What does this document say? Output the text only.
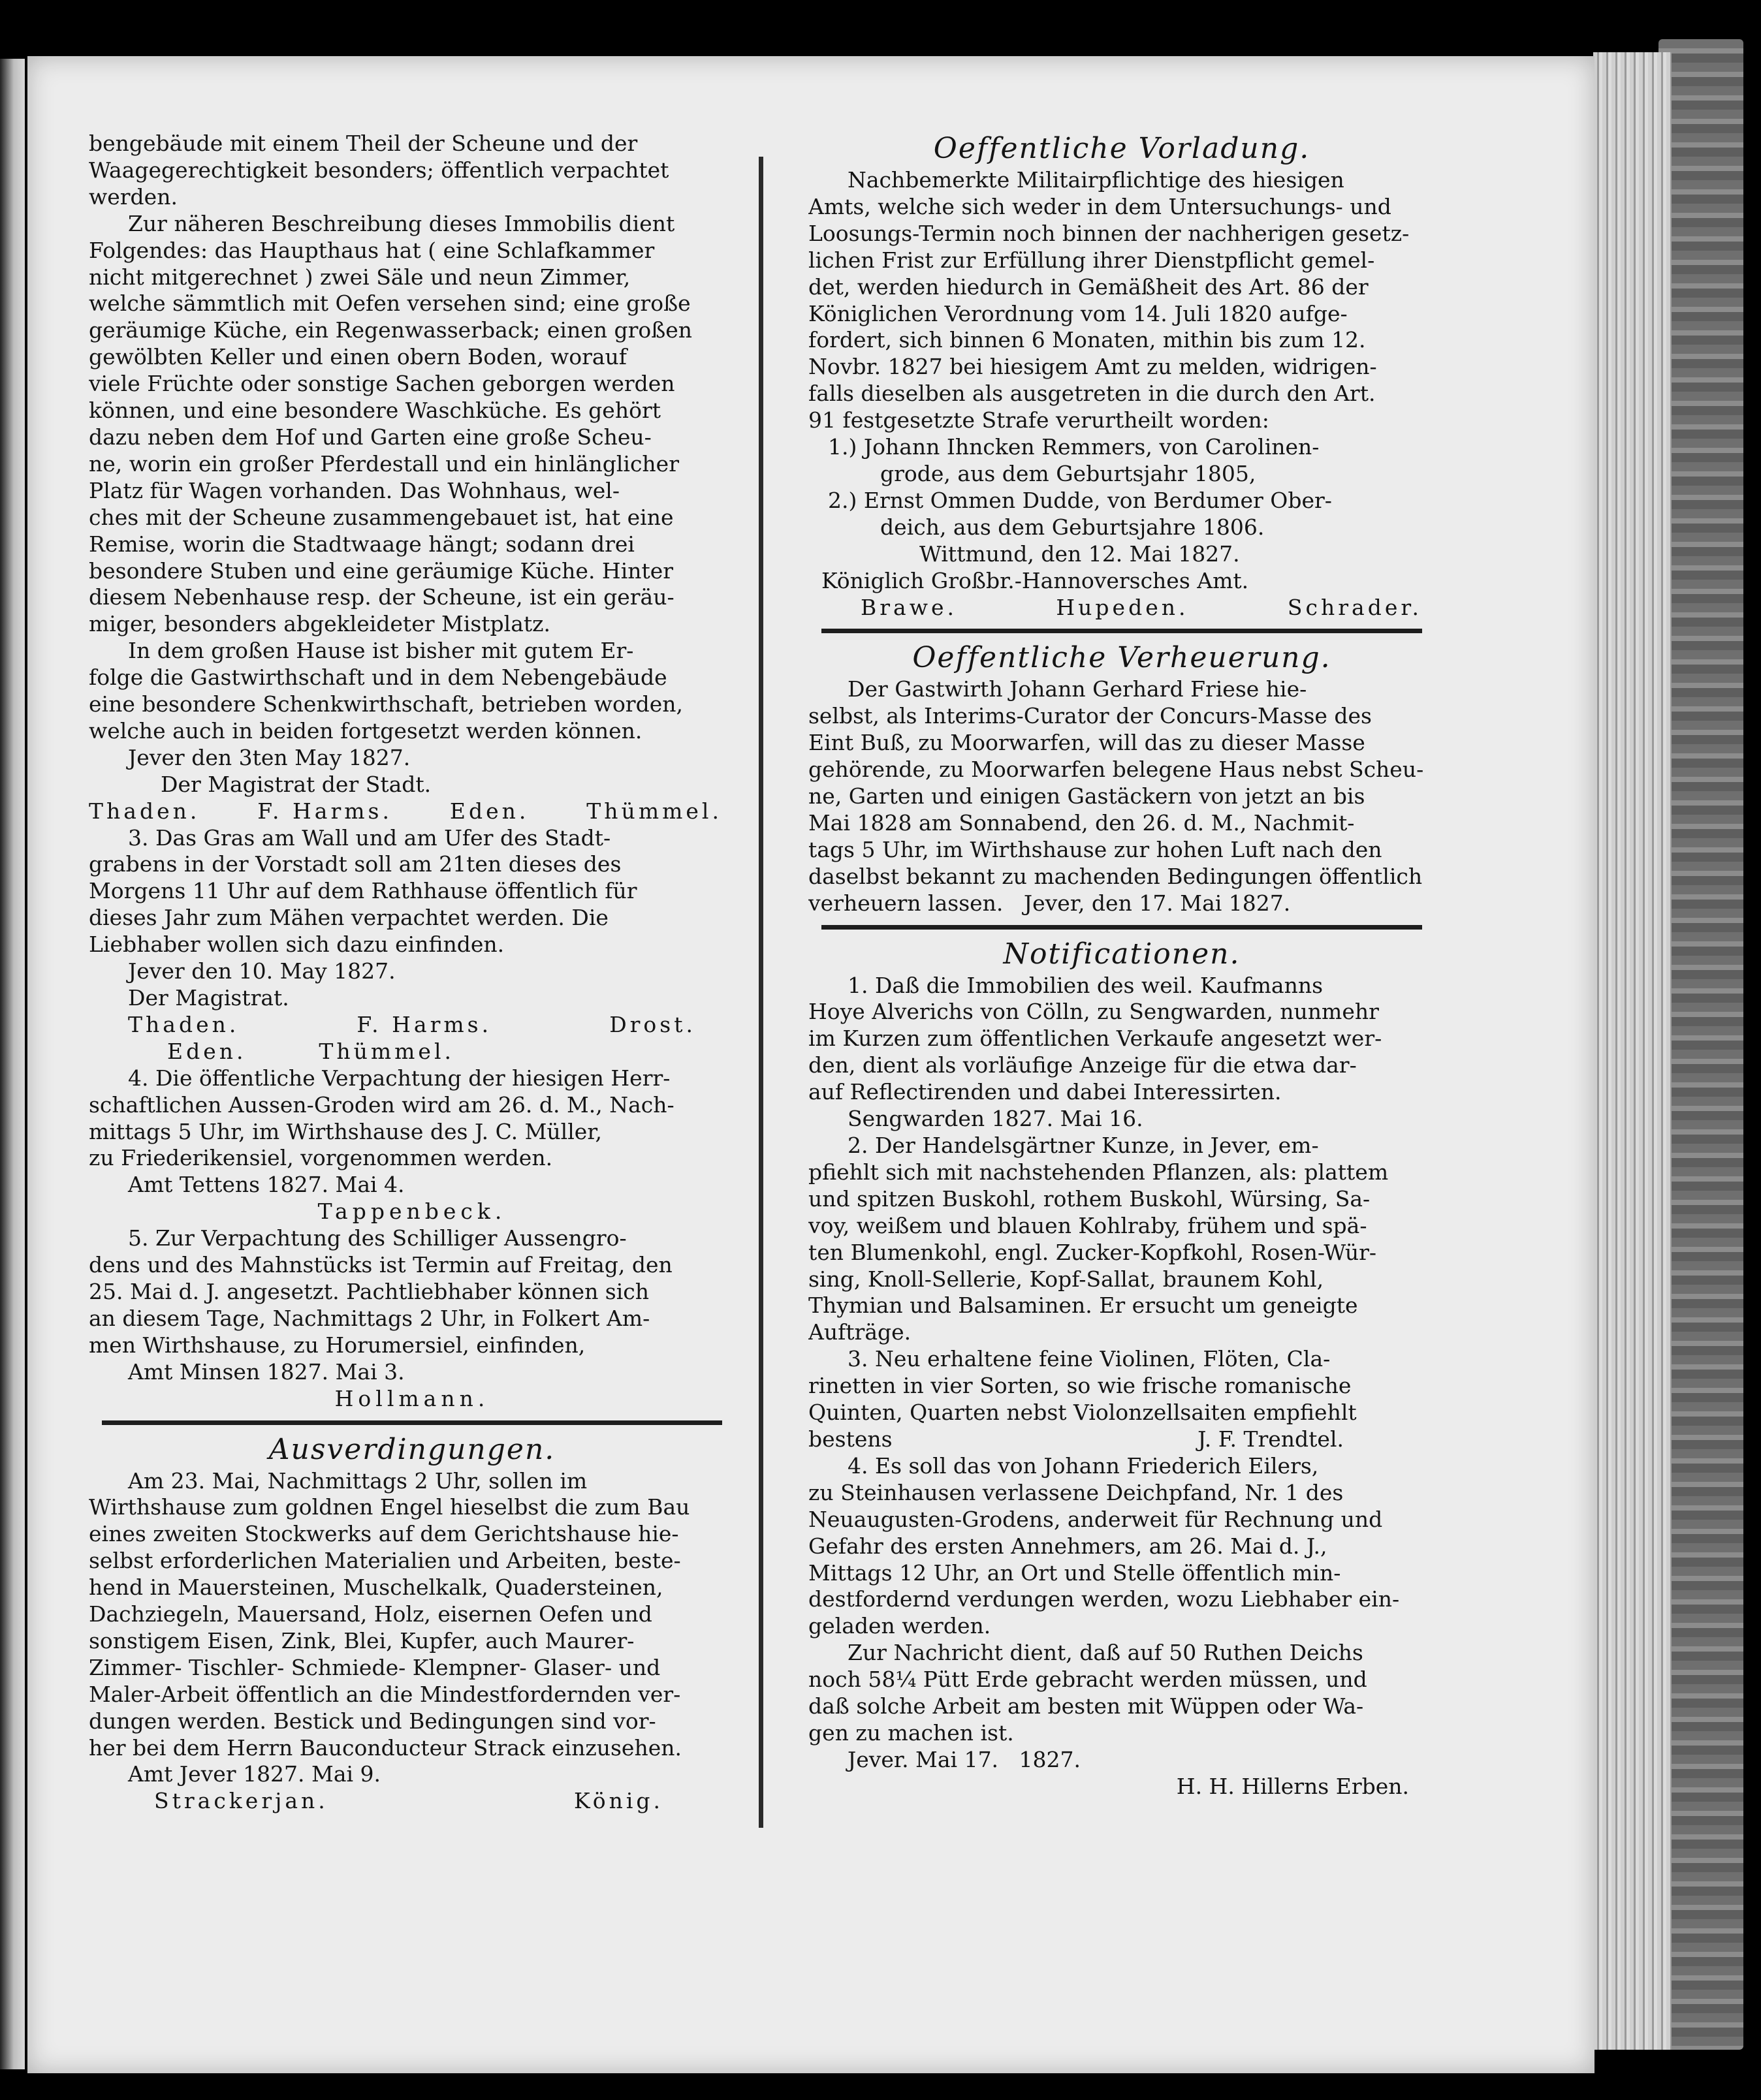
bengebäude mit einem Theil der Scheune und der
Waagegerechtigkeit besonders; öffentlich verpachtet
werden.
Zur näheren Beschreibung dieses Immobilis dient
Folgendes: das Haupthaus hat ( eine Schlafkammer
nicht mitgerechnet ) zwei Säle und neun Zimmer,
welche sämmtlich mit Oefen versehen sind; eine große
geräumige Küche, ein Regenwasserback; einen großen
gewölbten Keller und einen obern Boden, worauf
viele Früchte oder sonstige Sachen geborgen werden
können, und eine besondere Waschküche. Es gehört
dazu neben dem Hof und Garten eine große Scheu-
ne, worin ein großer Pferdestall und ein hinlänglicher
Platz für Wagen vorhanden. Das Wohnhaus, wel-
ches mit der Scheune zusammengebauet ist, hat eine
Remise, worin die Stadtwaage hängt; sodann drei
besondere Stuben und eine geräumige Küche. Hinter
diesem Nebenhause resp. der Scheune, ist ein geräu-
miger, besonders abgekleideter Mistplatz.
In dem großen Hause ist bisher mit gutem Er-
folge die Gastwirthschaft und in dem Nebengebäude
eine besondere Schenkwirthschaft, betrieben worden,
welche auch in beiden fortgesetzt werden können.
Jever den 3ten May 1827.
Der Magistrat der Stadt.
Thaden.	F. Harms.	Eden.	Thümmel.
3. Das Gras am Wall und am Ufer des Stadt-
grabens in der Vorstadt soll am 21ten dieses des
Morgens 11 Uhr auf dem Rathhause öffentlich für
dieses Jahr zum Mähen verpachtet werden. Die
Liebhaber wollen sich dazu einfinden.
Jever den 10. May 1827.
Der Magistrat.
Thaden.	F. Harms.	Drost.
Eden.	Thümmel.
4. Die öffentliche Verpachtung der hiesigen Herr-
schaftlichen Aussen-Groden wird am 26. d. M., Nach-
mittags 5 Uhr, im Wirthshause des J. C. Müller,
zu Friederikensiel, vorgenommen werden.
Amt Tettens 1827. Mai 4.
Tappenbeck.
5. Zur Verpachtung des Schilliger Aussengro-
dens und des Mahnstücks ist Termin auf Freitag, den
25. Mai d. J. angesetzt. Pachtliebhaber können sich
an diesem Tage, Nachmittags 2 Uhr, in Folkert Am-
men Wirthshause, zu Horumersiel, einfinden,
Amt Minsen 1827. Mai 3.
Hollmann.
Ausverdingungen.
Am 23. Mai, Nachmittags 2 Uhr, sollen im
Wirthshause zum goldnen Engel hieselbst die zum Bau
eines zweiten Stockwerks auf dem Gerichtshause hie-
selbst erforderlichen Materialien und Arbeiten, beste-
hend in Mauersteinen, Muschelkalk, Quadersteinen,
Dachziegeln, Mauersand, Holz, eisernen Oefen und
sonstigem Eisen, Zink, Blei, Kupfer, auch Maurer-
Zimmer- Tischler- Schmiede- Klempner- Glaser- und
Maler-Arbeit öffentlich an die Mindestfordernden ver-
dungen werden. Bestick und Bedingungen sind vor-
her bei dem Herrn Bauconducteur Strack einzusehen.
Amt Jever 1827. Mai 9.
Strackerjan.	König.
Oeffentliche Vorladung.
Nachbemerkte Militairpflichtige des hiesigen
Amts, welche sich weder in dem Untersuchungs- und
Loosungs-Termin noch binnen der nachherigen gesetz-
lichen Frist zur Erfüllung ihrer Dienstpflicht gemel-
det, werden hiedurch in Gemäßheit des Art. 86 der
Königlichen Verordnung vom 14. Juli 1820 aufge-
fordert, sich binnen 6 Monaten, mithin bis zum 12.
Novbr. 1827 bei hiesigem Amt zu melden, widrigen-
falls dieselben als ausgetreten in die durch den Art.
91 festgesetzte Strafe verurtheilt worden:
1.) Johann Ihncken Remmers, von Carolinen-
grode, aus dem Geburtsjahr 1805,
2.) Ernst Ommen Dudde, von Berdumer Ober-
deich, aus dem Geburtsjahre 1806.
Wittmund, den 12. Mai 1827.
Königlich Großbr.-Hannoversches Amt.
Brawe.	Hupeden.	Schrader.
Oeffentliche Verheuerung.
Der Gastwirth Johann Gerhard Friese hie-
selbst, als Interims-Curator der Concurs-Masse des
Eint Buß, zu Moorwarfen, will das zu dieser Masse
gehörende, zu Moorwarfen belegene Haus nebst Scheu-
ne, Garten und einigen Gastäckern von jetzt an bis
Mai 1828 am Sonnabend, den 26. d. M., Nachmit-
tags 5 Uhr, im Wirthshause zur hohen Luft nach den
daselbst bekannt zu machenden Bedingungen öffentlich
verheuern lassen.   Jever, den 17. Mai 1827.
Notificationen.
1. Daß die Immobilien des weil. Kaufmanns
Hoye Alverichs von Cölln, zu Sengwarden, nunmehr
im Kurzen zum öffentlichen Verkaufe angesetzt wer-
den, dient als vorläufige Anzeige für die etwa dar-
auf Reflectirenden und dabei Interessirten.
Sengwarden 1827. Mai 16.
2. Der Handelsgärtner Kunze, in Jever, em-
pfiehlt sich mit nachstehenden Pflanzen, als: plattem
und spitzen Buskohl, rothem Buskohl, Würsing, Sa-
voy, weißem und blauen Kohlraby, frühem und spä-
ten Blumenkohl, engl. Zucker-Kopfkohl, Rosen-Wür-
sing, Knoll-Sellerie, Kopf-Sallat, braunem Kohl,
Thymian und Balsaminen. Er ersucht um geneigte
Aufträge.
3. Neu erhaltene feine Violinen, Flöten, Cla-
rinetten in vier Sorten, so wie frische romanische
Quinten, Quarten nebst Violonzellsaiten empfiehlt
bestens	J. F. Trendtel.
4. Es soll das von Johann Friederich Eilers,
zu Steinhausen verlassene Deichpfand, Nr. 1 des
Neuaugusten-Grodens, anderweit für Rechnung und
Gefahr des ersten Annehmers, am 26. Mai d. J.,
Mittags 12 Uhr, an Ort und Stelle öffentlich min-
destfordernd verdungen werden, wozu Liebhaber ein-
geladen werden.
Zur Nachricht dient, daß auf 50 Ruthen Deichs
noch 58¼ Pütt Erde gebracht werden müssen, und
daß solche Arbeit am besten mit Wüppen oder Wa-
gen zu machen ist.
Jever. Mai 17.   1827.
H. H. Hillerns Erben.
